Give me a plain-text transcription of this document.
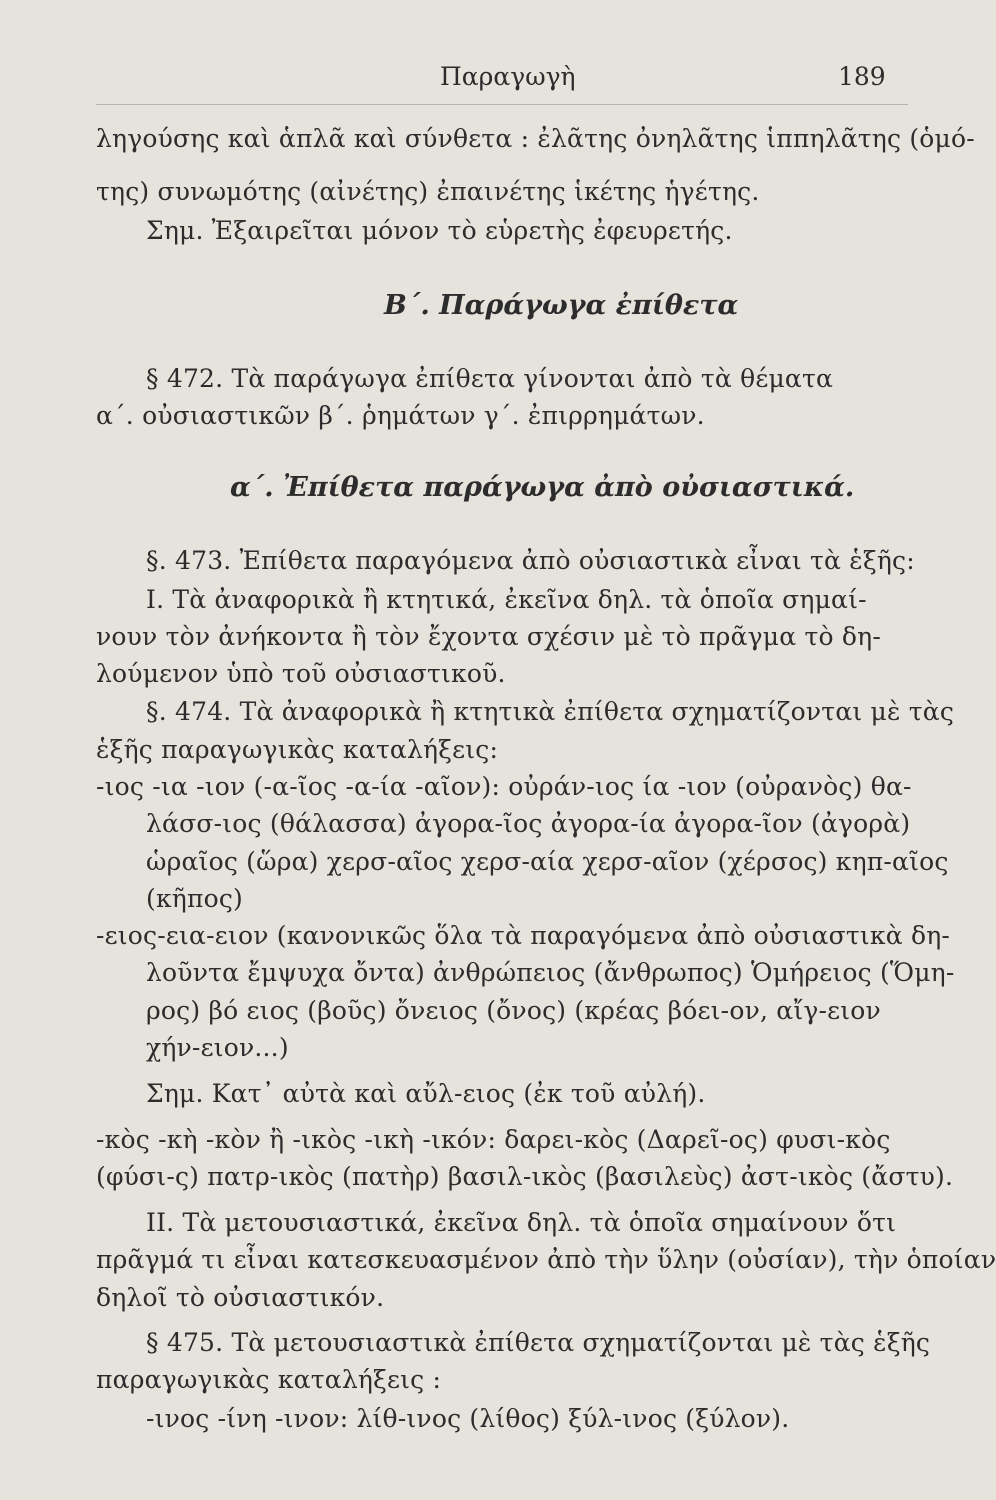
Παραγωγὴ	189
ληγούσης καὶ ἁπλᾶ καὶ σύνθετα : ἐλᾶτης ὀνηλᾶτης ἱππηλᾶτης (ὁμό-
της) συνωμότης (αἰνέτης) ἐπαινέτης ἱκέτης ἡγέτης.
Σημ. Ἐξαιρεῖται μόνον τὸ εὑρετὴς ἐφευρετής.
Β΄. Παράγωγα ἐπίθετα
§ 472. Τὰ παράγωγα ἐπίθετα γίνονται ἀπὸ τὰ θέματα
α΄. οὐσιαστικῶν β΄. ῥημάτων γ΄. ἐπιρρημάτων.
α΄. Ἐπίθετα παράγωγα ἀπὸ οὐσιαστικά.
§. 473. Ἐπίθετα παραγόμενα ἀπὸ οὐσιαστικὰ εἶναι τὰ ἑξῆς:
I. Τὰ ἀναφορικὰ ἢ κτητικά, ἐκεῖνα δηλ. τὰ ὁποῖα σημαί-
νουν τὸν ἀνήκοντα ἢ τὸν ἔχοντα σχέσιν μὲ τὸ πρᾶγμα τὸ δη-
λούμενον ὑπὸ τοῦ οὐσιαστικοῦ.
§. 474. Τὰ ἀναφορικὰ ἢ κτητικὰ ἐπίθετα σχηματίζονται μὲ τὰς
ἑξῆς παραγωγικὰς καταλήξεις:
-ιος -ια -ιον (-α-ῖος -α-ία -αῖον): οὐράν-ιος ία -ιον (οὐρανὸς) θα-
λάσσ-ιος (θάλασσα) ἀγορα-ῖος ἀγορα-ία ἀγορα-ῖον (ἀγορὰ)
ὡραῖος (ὥρα) χερσ-αῖος χερσ-αία χερσ-αῖον (χέρσος) κηπ-αῖος
(κῆπος)
-ειος-εια-ειον (κανονικῶς ὅλα τὰ παραγόμενα ἀπὸ οὐσιαστικὰ δη-
λοῦντα ἔμψυχα ὄντα) ἀνθρώπειος (ἄνθρωπος) Ὁμήρειος (Ὅμη-
ρος) βό ειος (βοῦς) ὄνειος (ὄνος) (κρέας βόει-ον, αἴγ-ειον
χήν-ειον...)
Σημ. Κατ᾽ αὐτὰ καὶ αὔλ-ειος (ἐκ τοῦ αὐλή).
-κὸς -κὴ -κὸν ἢ -ικὸς -ικὴ -ικόν: δαρει-κὸς (Δαρεῖ-ος) φυσι-κὸς
(φύσι-ς) πατρ-ικὸς (πατὴρ) βασιλ-ικὸς (βασιλεὺς) ἀστ-ικὸς (ἄστυ).
II. Τὰ μετουσιαστικά, ἐκεῖνα δηλ. τὰ ὁποῖα σημαίνουν ὅτι
πρᾶγμά τι εἶναι κατεσκευασμένον ἀπὸ τὴν ὕλην (οὐσίαν), τὴν ὁποίαν
δηλοῖ τὸ οὐσιαστικόν.
§ 475. Τὰ μετουσιαστικὰ ἐπίθετα σχηματίζονται μὲ τὰς ἑξῆς
παραγωγικὰς καταλήξεις :
-ινος -ίνη -ινον: λίθ-ινος (λίθος) ξύλ-ινος (ξύλον).
